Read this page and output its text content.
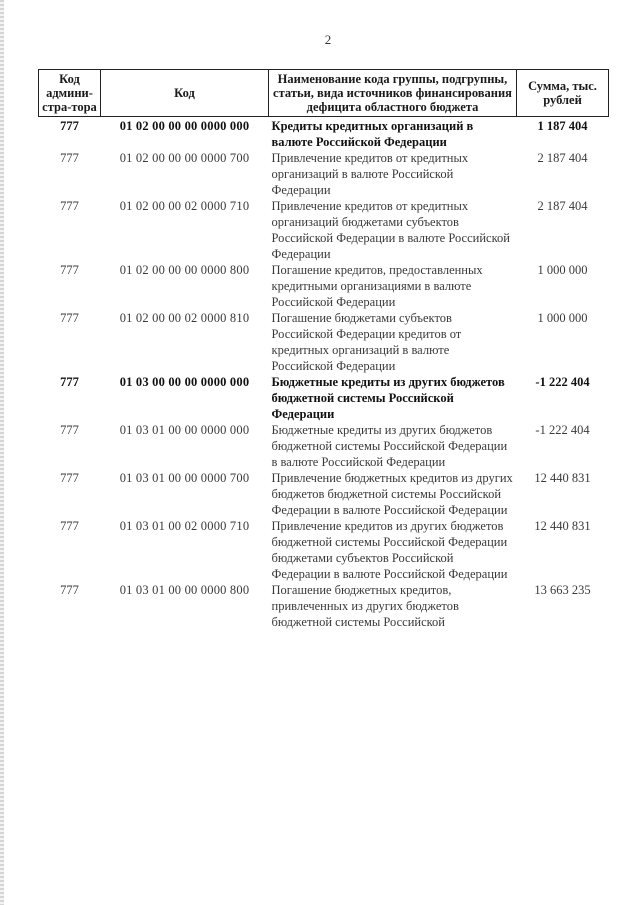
2
Код админи-стра-тора	Код	Наименование кода группы, подгрупны, статьи, вида источников финансирования дефицита областного бюджета	Сумма, тыс. рублей
777	01 02 00 00 00 0000 000	Кредиты кредитных организаций в валюте Российской Федерации	1 187 404
777	01 02 00 00 00 0000 700	Привлечение кредитов от кредитных организаций в валюте Российской Федерации	2 187 404
777	01 02 00 00 02 0000 710	Привлечение кредитов от кредитных организаций бюджетами субъектов Российской Федерации в валюте Российской Федерации	2 187 404
777	01 02 00 00 00 0000 800	Погашение кредитов, предоставленных кредитными организациями в валюте Российской Федерации	1 000 000
777	01 02 00 00 02 0000 810	Погашение бюджетами субъектов Российской Федерации кредитов от кредитных организаций в валюте Российской Федерации	1 000 000
777	01 03 00 00 00 0000 000	Бюджетные кредиты из других бюджетов бюджетной системы Российской Федерации	-1 222 404
777	01 03 01 00 00 0000 000	Бюджетные кредиты из других бюджетов бюджетной системы Российской Федерации в валюте Российской Федерации	-1 222 404
777	01 03 01 00 00 0000 700	Привлечение бюджетных кредитов из других бюджетов бюджетной системы Российской Федерации в валюте Российской Федерации	12 440 831
777	01 03 01 00 02 0000 710	Привлечение кредитов из других бюджетов бюджетной системы Российской Федерации бюджетами субъектов Российской Федерации в валюте Российской Федерации	12 440 831
777	01 03 01 00 00 0000 800	Погашение бюджетных кредитов, привлеченных из других бюджетов бюджетной системы Российской	13 663 235
